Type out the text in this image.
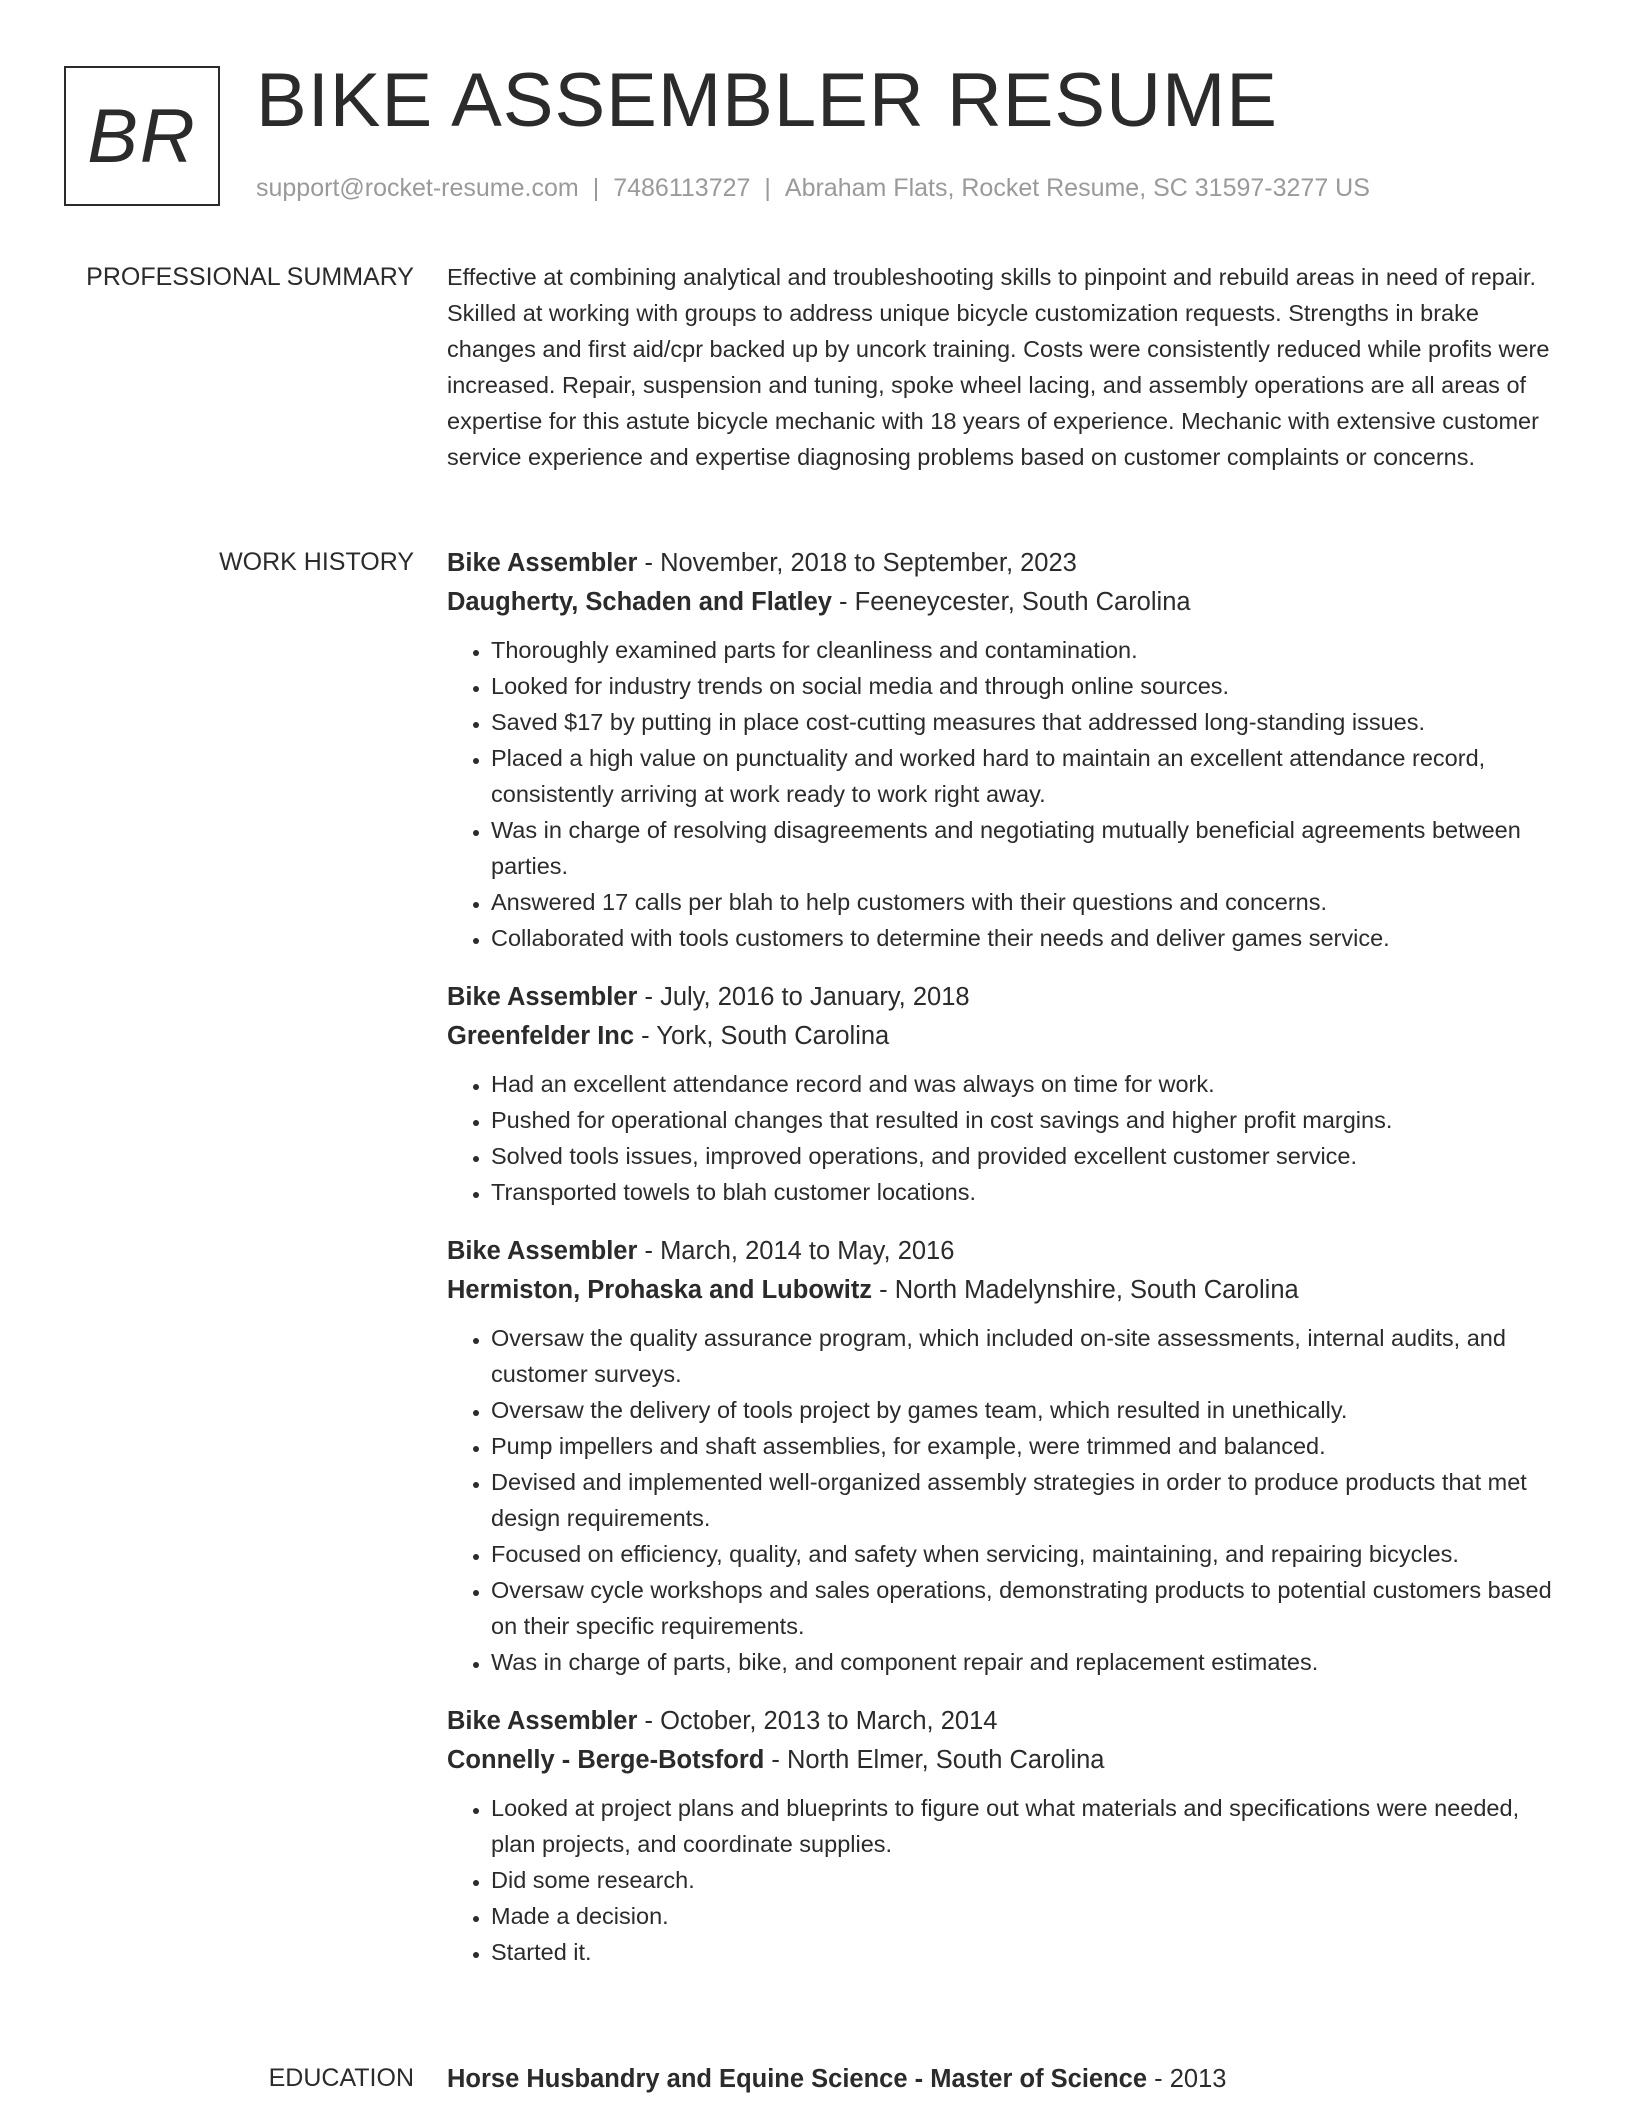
BR BIKE ASSEMBLER RESUME
support@rocket-resume.com | 7486113727 | Abraham Flats, Rocket Resume, SC 31597-3277 US
PROFESSIONAL SUMMARY Effective at combining analytical and troubleshooting skills to pinpoint and rebuild areas in need of repair. Skilled at working with groups to address unique bicycle customization requests. Strengths in brake changes and first aid/cpr backed up by uncork training. Costs were consistently reduced while profits were increased. Repair, suspension and tuning, spoke wheel lacing, and assembly operations are all areas of expertise for this astute bicycle mechanic with 18 years of experience. Mechanic with extensive customer service experience and expertise diagnosing problems based on customer complaints or concerns.
WORK HISTORY Bike Assembler - November, 2018 to September, 2023
Daugherty, Schaden and Flatley - Feeneycester, South Carolina
• Thoroughly examined parts for cleanliness and contamination.
• Looked for industry trends on social media and through online sources.
• Saved $17 by putting in place cost-cutting measures that addressed long-standing issues.
• Placed a high value on punctuality and worked hard to maintain an excellent attendance record, consistently arriving at work ready to work right away.
• Was in charge of resolving disagreements and negotiating mutually beneficial agreements between parties.
• Answered 17 calls per blah to help customers with their questions and concerns.
• Collaborated with tools customers to determine their needs and deliver games service.
Bike Assembler - July, 2016 to January, 2018
Greenfelder Inc - York, South Carolina
• Had an excellent attendance record and was always on time for work.
• Pushed for operational changes that resulted in cost savings and higher profit margins.
• Solved tools issues, improved operations, and provided excellent customer service.
• Transported towels to blah customer locations.
Bike Assembler - March, 2014 to May, 2016
Hermiston, Prohaska and Lubowitz - North Madelynshire, South Carolina
• Oversaw the quality assurance program, which included on-site assessments, internal audits, and customer surveys.
• Oversaw the delivery of tools project by games team, which resulted in unethically.
• Pump impellers and shaft assemblies, for example, were trimmed and balanced.
• Devised and implemented well-organized assembly strategies in order to produce products that met design requirements.
• Focused on efficiency, quality, and safety when servicing, maintaining, and repairing bicycles.
• Oversaw cycle workshops and sales operations, demonstrating products to potential customers based on their specific requirements.
• Was in charge of parts, bike, and component repair and replacement estimates.
Bike Assembler - October, 2013 to March, 2014
Connelly - Berge-Botsford - North Elmer, South Carolina
• Looked at project plans and blueprints to figure out what materials and specifications were needed, plan projects, and coordinate supplies.
• Did some research.
• Made a decision.
• Started it.
EDUCATION Horse Husbandry and Equine Science - Master of Science - 2013
